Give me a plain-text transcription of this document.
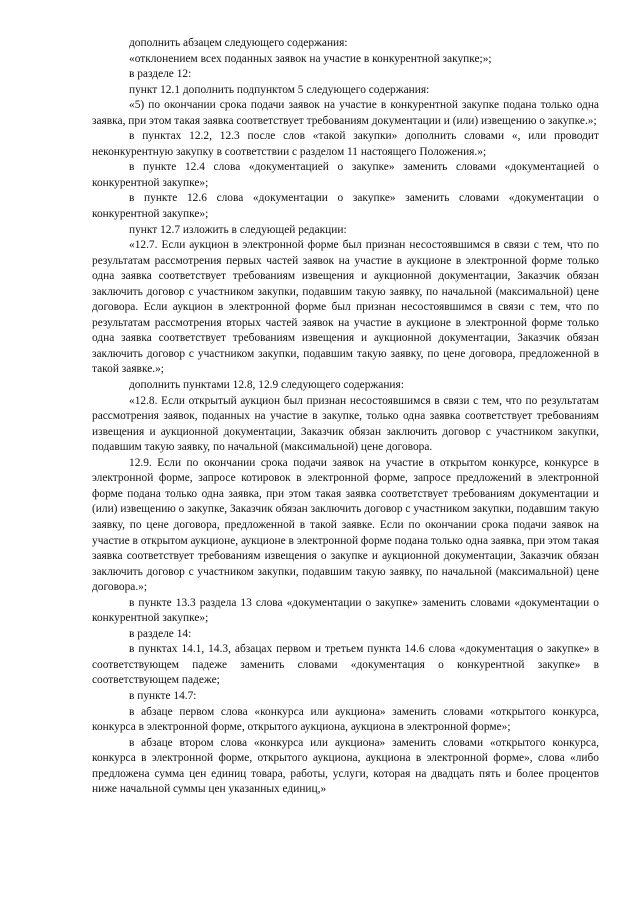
дополнить абзацем следующего содержания:

«отклонением всех поданных заявок на участие в конкурентной закупке;»;

в разделе 12:

пункт 12.1 дополнить подпунктом 5 следующего содержания:

«5) по окончании срока подачи заявок на участие в конкурентной закупке подана только одна заявка, при этом такая заявка соответствует требованиям документации и (или) извещению о закупке.»;

в пунктах 12.2, 12.3 после слов «такой закупки» дополнить словами «, или проводит неконкурентную закупку в соответствии с разделом 11 настоящего Положения.»;

в пункте 12.4 слова «документацией о закупке» заменить словами «документацией о конкурентной закупке»;

в пункте 12.6 слова «документации о закупке» заменить словами «документации о конкурентной закупке»;

пункт 12.7 изложить в следующей редакции:

«12.7. Если аукцион в электронной форме был признан несостоявшимся в связи с тем, что по результатам рассмотрения первых частей заявок на участие в аукционе в электронной форме только одна заявка соответствует требованиям извещения и аукционной документации, Заказчик обязан заключить договор с участником закупки, подавшим такую заявку, по начальной (максимальной) цене договора. Если аукцион в электронной форме был признан несостоявшимся в связи с тем, что по результатам рассмотрения вторых частей заявок на участие в аукционе в электронной форме только одна заявка соответствует требованиям извещения и аукционной документации, Заказчик обязан заключить договор с участником закупки, подавшим такую заявку, по цене договора, предложенной в такой заявке.»;

дополнить пунктами 12.8, 12.9 следующего содержания:

«12.8. Если открытый аукцион был признан несостоявшимся в связи с тем, что по результатам рассмотрения заявок, поданных на участие в закупке, только одна заявка соответствует требованиям извещения и аукционной документации, Заказчик обязан заключить договор с участником закупки, подавшим такую заявку, по начальной (максимальной) цене договора.

12.9. Если по окончании срока подачи заявок на участие в открытом конкурсе, конкурсе в электронной форме, запросе котировок в электронной форме, запросе предложений в электронной форме подана только одна заявка, при этом такая заявка соответствует требованиям документации и (или) извещению о закупке, Заказчик обязан заключить договор с участником закупки, подавшим такую заявку, по цене договора, предложенной в такой заявке. Если по окончании срока подачи заявок на участие в открытом аукционе, аукционе в электронной форме подана только одна заявка, при этом такая заявка соответствует требованиям извещения о закупке и аукционной документации, Заказчик обязан заключить договор с участником закупки, подавшим такую заявку, по начальной (максимальной) цене договора.»;

в пункте 13.3 раздела 13 слова «документации о закупке» заменить словами «документации о конкурентной закупке»;

в разделе 14:

в пунктах 14.1, 14.3, абзацах первом и третьем пункта 14.6 слова «документация о закупке» в соответствующем падеже заменить словами «документация о конкурентной закупке» в соответствующем падеже;

в пункте 14.7:

в абзаце первом слова «конкурса или аукциона» заменить словами «открытого конкурса, конкурса в электронной форме, открытого аукциона, аукциона в электронной форме»;

в абзаце втором слова «конкурса или аукциона» заменить словами «открытого конкурса, конкурса в электронной форме, открытого аукциона, аукциона в электронной форме», слова «либо предложена сумма цен единиц товара, работы, услуги, которая на двадцать пять и более процентов ниже начальной суммы цен указанных единиц,»
